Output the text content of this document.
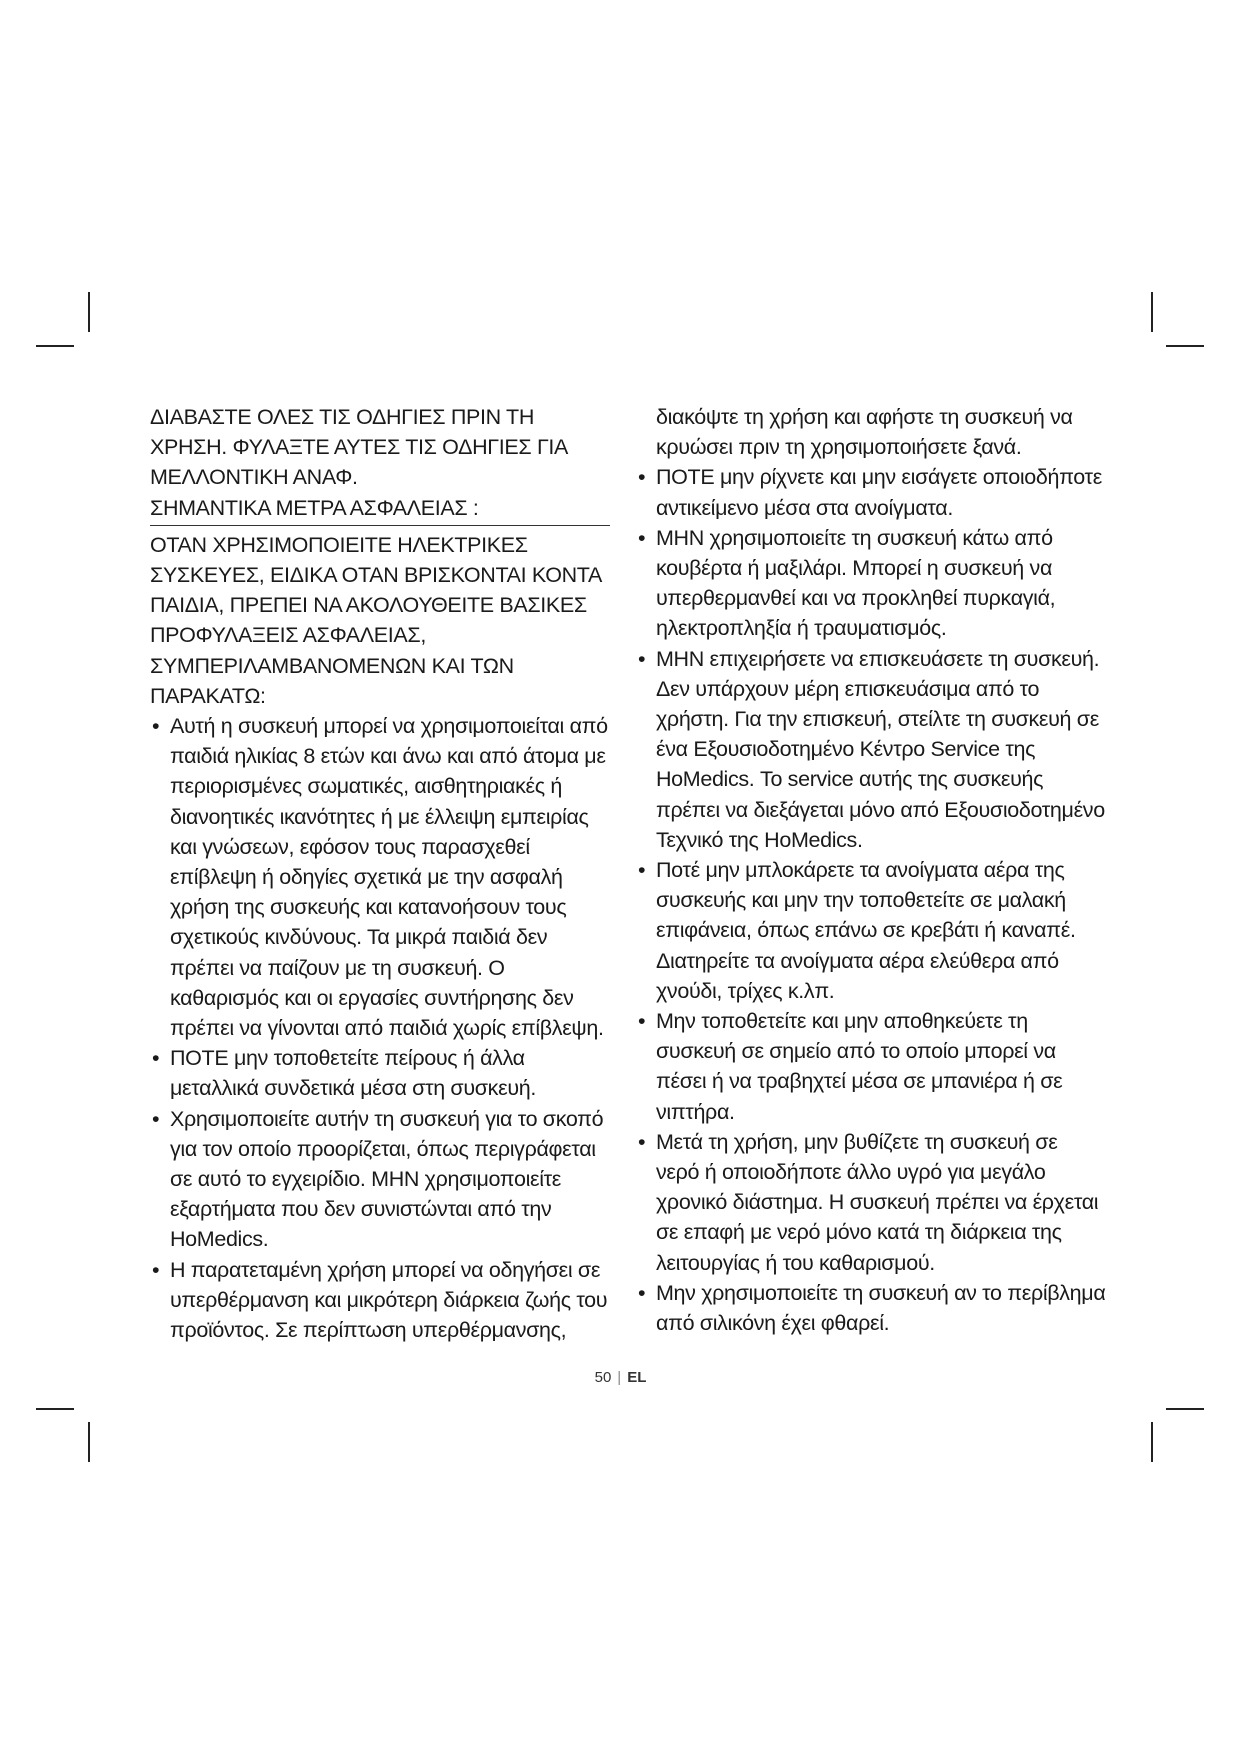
ΔΙΑΒΑΣΤΕ ΟΛΕΣ ΤΙΣ ΟΔΗΓΙΕΣ ΠΡΙΝ ΤΗ ΧΡΗΣΗ. ΦΥΛΑΞΤΕ ΑΥΤΕΣ ΤΙΣ ΟΔΗΓΙΕΣ ΓΙΑ ΜΕΛΛΟΝΤΙΚΗ ΑΝΑΦ.

ΣΗΜΑΝΤΙΚΑ ΜΕΤΡΑ ΑΣΦΑΛΕΙΑΣ :

ΟΤΑΝ ΧΡΗΣΙΜΟΠΟΙΕΙΤΕ ΗΛΕΚΤΡΙΚΕΣ ΣΥΣΚΕΥΕΣ, ΕΙΔΙΚΑ ΟΤΑΝ ΒΡΙΣΚΟΝΤΑΙ ΚΟΝΤΑ ΠΑΙΔΙΑ, ΠΡΕΠΕΙ ΝΑ ΑΚΟΛΟΥΘΕΙΤΕ ΒΑΣΙΚΕΣ ΠΡΟΦΥΛΑΞΕΙΣ ΑΣΦΑΛΕΙΑΣ, ΣΥΜΠΕΡΙΛΑΜΒΑΝΟΜΕΝΩΝ ΚΑΙ ΤΩΝ ΠΑΡΑΚΑΤΩ:

• Αυτή η συσκευή μπορεί να χρησιμοποιείται από παιδιά ηλικίας 8 ετών και άνω και από άτομα με περιορισμένες σωματικές, αισθητηριακές ή διανοητικές ικανότητες ή με έλλειψη εμπειρίας και γνώσεων, εφόσον τους παρασχεθεί επίβλεψη ή οδηγίες σχετικά με την ασφαλή χρήση της συσκευής και κατανοήσουν τους σχετικούς κινδύνους. Τα μικρά παιδιά δεν πρέπει να παίζουν με τη συσκευή. Ο καθαρισμός και οι εργασίες συντήρησης δεν πρέπει να γίνονται από παιδιά χωρίς επίβλεψη.
• ΠΟΤΕ μην τοποθετείτε πείρους ή άλλα μεταλλικά συνδετικά μέσα στη συσκευή.
• Χρησιμοποιείτε αυτήν τη συσκευή για το σκοπό για τον οποίο προορίζεται, όπως περιγράφεται σε αυτό το εγχειρίδιο. ΜΗΝ χρησιμοποιείτε εξαρτήματα που δεν συνιστώνται από την HoMedics.
• Η παρατεταμένη χρήση μπορεί να οδηγήσει σε υπερθέρμανση και μικρότερη διάρκεια ζωής του προϊόντος. Σε περίπτωση υπερθέρμανσης,

διακόψτε τη χρήση και αφήστε τη συσκευή να κρυώσει πριν τη χρησιμοποιήσετε ξανά.

• ΠΟΤΕ μην ρίχνετε και μην εισάγετε οποιοδήποτε αντικείμενο μέσα στα ανοίγματα.
• ΜΗΝ χρησιμοποιείτε τη συσκευή κάτω από κουβέρτα ή μαξιλάρι. Μπορεί η συσκευή να υπερθερμανθεί και να προκληθεί πυρκαγιά, ηλεκτροπληξία ή τραυματισμός.
• ΜΗΝ επιχειρήσετε να επισκευάσετε τη συσκευή. Δεν υπάρχουν μέρη επισκευάσιμα από το χρήστη. Για την επισκευή, στείλτε τη συσκευή σε ένα Εξουσιοδοτημένο Κέντρο Service της HoMedics. Το service αυτής της συσκευής πρέπει να διεξάγεται μόνο από Εξουσιοδοτημένο Τεχνικό της HoMedics.
• Ποτέ μην μπλοκάρετε τα ανοίγματα αέρα της συσκευής και μην την τοποθετείτε σε μαλακή επιφάνεια, όπως επάνω σε κρεβάτι ή καναπέ. Διατηρείτε τα ανοίγματα αέρα ελεύθερα από χνούδι, τρίχες κ.λπ.
• Μην τοποθετείτε και μην αποθηκεύετε τη συσκευή σε σημείο από το οποίο μπορεί να πέσει ή να τραβηχτεί μέσα σε μπανιέρα ή σε νιπτήρα.
• Μετά τη χρήση, μην βυθίζετε τη συσκευή σε νερό ή οποιοδήποτε άλλο υγρό για μεγάλο χρονικό διάστημα. Η συσκευή πρέπει να έρχεται σε επαφή με νερό μόνο κατά τη διάρκεια της λειτουργίας ή του καθαρισμού.
• Μην χρησιμοποιείτε τη συσκευή αν το περίβλημα από σιλικόνη έχει φθαρεί.
50 | EL
